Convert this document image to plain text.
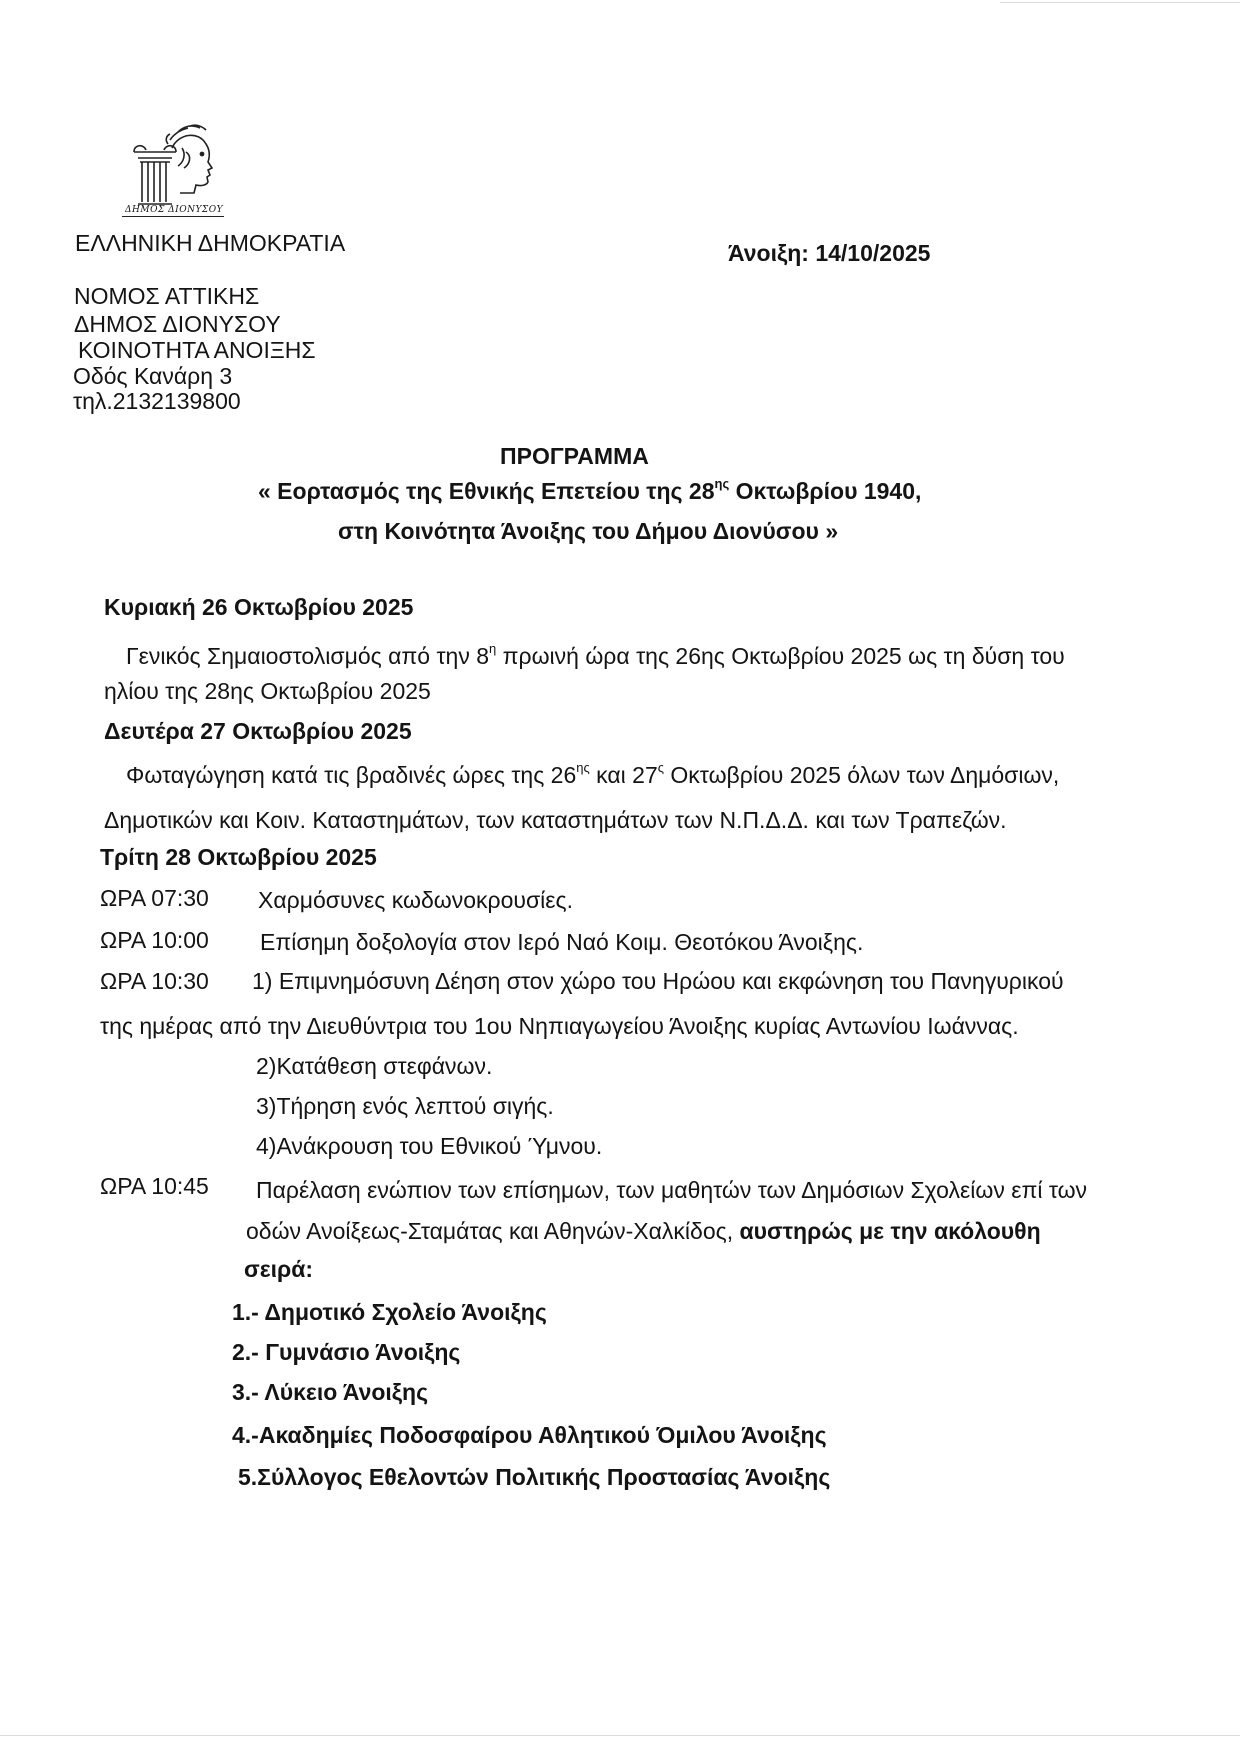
ΔΗΜΟΣ ΔΙΟΝΥΣΟΥ
ΕΛΛΗΝΙΚΗ ΔΗΜΟΚΡΑΤΙΑ	Άνοιξη: 14/10/2025
ΝΟΜΟΣ ΑΤΤΙΚΗΣ
ΔΗΜΟΣ ΔΙΟΝΥΣΟΥ
ΚΟΙΝΟΤΗΤΑ ΑΝΟΙΞΗΣ
Οδός Κανάρη 3
τηλ.2132139800
ΠΡΟΓΡΑΜΜΑ
« Εορτασμός της Εθνικής Επετείου της $28^{\eta\varsigma}$ Οκτωβρίου 1940,
στη Κοινότητα Άνοιξης του Δήμου Διονύσου »
Κυριακή 26 Οκτωβρίου 2025
Γενικός Σημαιοστολισμός από την $8^\eta$ πρωινή ώρα της 26ης Οκτωβρίου 2025 ως τη δύση του
ηλίου της 28ης Οκτωβρίου 2025
Δευτέρα 27 Οκτωβρίου 2025
Φωταγώγηση κατά τις βραδινές ώρες της $26^{\eta\varsigma}$ και $27^\varsigma$ Οκτωβρίου 2025 όλων των Δημόσιων,
Δημοτικών και Κοιν. Καταστημάτων, των καταστημάτων των Ν.Π.Δ.Δ. και των Τραπεζών.
Τρίτη 28 Οκτωβρίου 2025
ΩΡΑ 07:30 Χαρμόσυνες κωδωνοκρουσίες.
ΩΡΑ 10:00 Επίσημη δοξολογία στον Ιερό Ναό Κοιμ. Θεοτόκου Άνοιξης.
ΩΡΑ 10:30 1) Επιμνημόσυνη Δέηση στον χώρο του Ηρώου και εκφώνηση του Πανηγυρικού
της ημέρας από την Διευθύντρια του 1ου Νηπιαγωγείου Άνοιξης κυρίας Αντωνίου Ιωάννας.
2)Κατάθεση στεφάνων.
3)Τήρηση ενός λεπτού σιγής.
4)Ανάκρουση του Εθνικού Ύμνου.
ΩΡΑ 10:45 Παρέλαση ενώπιον των επίσημων, των μαθητών των Δημόσιων Σχολείων επί των
οδών Ανοίξεως-Σταμάτας και Αθηνών-Χαλκίδος, αυστηρώς με την ακόλουθη
σειρά:
1.- Δημοτικό Σχολείο Άνοιξης
2.- Γυμνάσιο Άνοιξης
3.- Λύκειο Άνοιξης
4.-Ακαδημίες Ποδοσφαίρου Αθλητικού Όμιλου Άνοιξης
5.Σύλλογος Εθελοντών Πολιτικής Προστασίας Άνοιξης
